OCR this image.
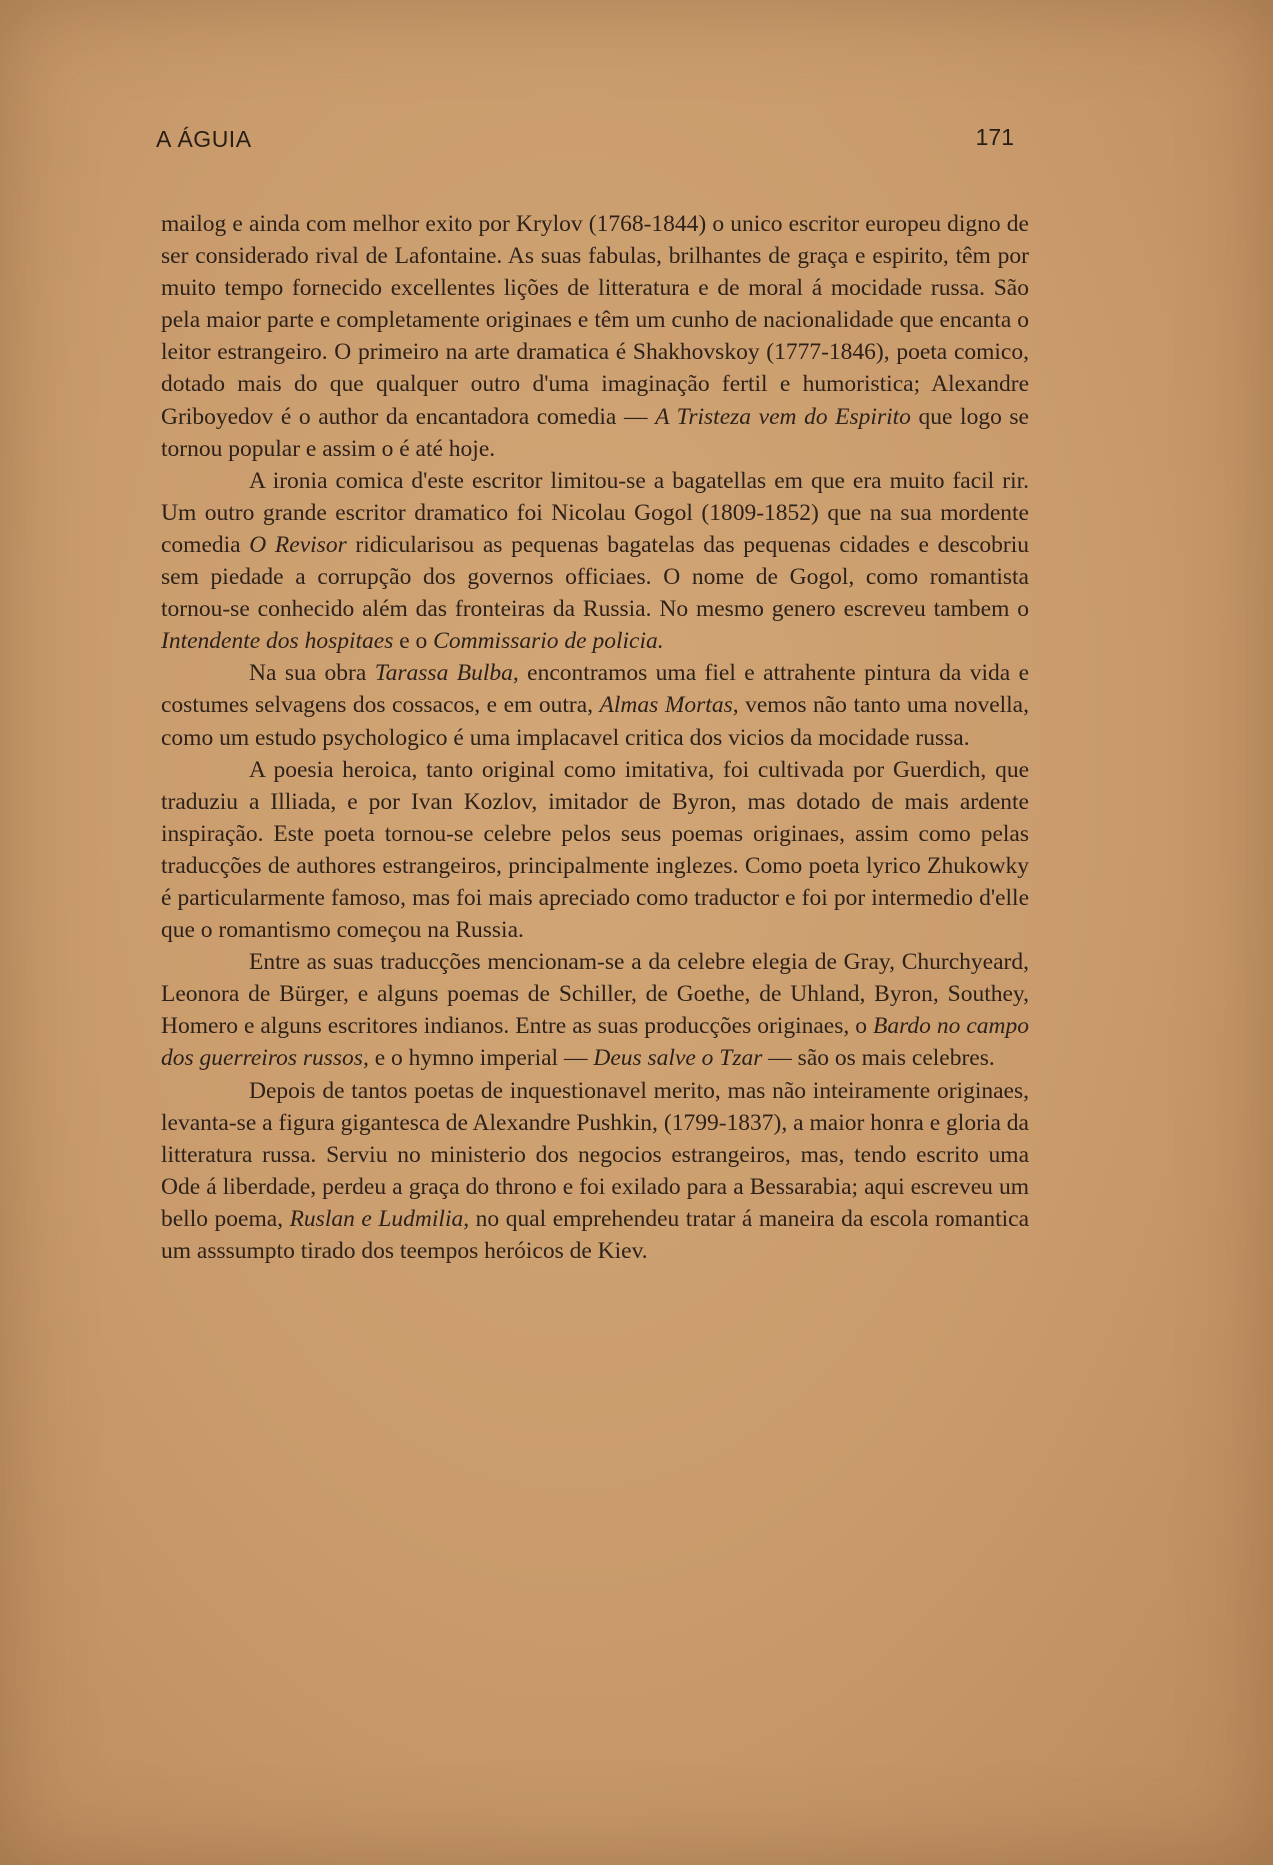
A ÁGUIA	171

mailog e ainda com melhor exito por Krylov (1768-1844) o unico escritor europeu digno de ser considerado rival de Lafontaine. As suas fabulas, brilhantes de graça e espirito, têm por muito tempo fornecido excellentes lições de litteratura e de moral á mocidade russa. São pela maior parte e completamente originaes e têm um cunho de nacionalidade que encanta o leitor estrangeiro. O primeiro na arte dramatica é Shakhovskoy (1777-1846), poeta comico, dotado mais do que qualquer outro d'uma imaginação fertil e humoristica; Alexandre Griboyedov é o author da encantadora comedia — A Tristeza vem do Espirito que logo se tornou popular e assim o é até hoje.

A ironia comica d'este escritor limitou-se a bagatellas em que era muito facil rir. Um outro grande escritor dramatico foi Nicolau Gogol (1809-1852) que na sua mordente comedia O Revisor ridicularisou as pequenas bagatelas das pequenas cidades e descobriu sem piedade a corrupção dos governos officiaes. O nome de Gogol, como romantista tornou-se conhecido além das fronteiras da Russia. No mesmo genero escreveu tambem o Intendente dos hospitaes e o Commissario de policia.

Na sua obra Tarassa Bulba, encontramos uma fiel e attrahente pintura da vida e costumes selvagens dos cossacos, e em outra, Almas Mortas, vemos não tanto uma novella, como um estudo psychologico é uma implacavel critica dos vicios da mocidade russa.

A poesia heroica, tanto original como imitativa, foi cultivada por Guerdich, que traduziu a Illiada, e por Ivan Kozlov, imitador de Byron, mas dotado de mais ardente inspiração. Este poeta tornou-se celebre pelos seus poemas originaes, assim como pelas traducções de authores estrangeiros, principalmente inglezes. Como poeta lyrico Zhukowky é particularmente famoso, mas foi mais apreciado como traductor e foi por intermedio d'elle que o romantismo começou na Russia.

Entre as suas traducções mencionam-se a da celebre elegia de Gray, Churchyeard, Leonora de Bürger, e alguns poemas de Schiller, de Goethe, de Uhland, Byron, Southey, Homero e alguns escritores indianos. Entre as suas producções originaes, o Bardo no campo dos guerreiros russos, e o hymno imperial — Deus salve o Tzar — são os mais celebres.

Depois de tantos poetas de inquestionavel merito, mas não inteiramente originaes, levanta-se a figura gigantesca de Alexandre Pushkin, (1799-1837), a maior honra e gloria da litteratura russa. Serviu no ministerio dos negocios estrangeiros, mas, tendo escrito uma Ode á liberdade, perdeu a graça do throno e foi exilado para a Bessarabia; aqui escreveu um bello poema, Ruslan e Ludmilia, no qual emprehendeu tratar á maneira da escola romantica um asssumpto tirado dos teempos heróicos de Kiev.
